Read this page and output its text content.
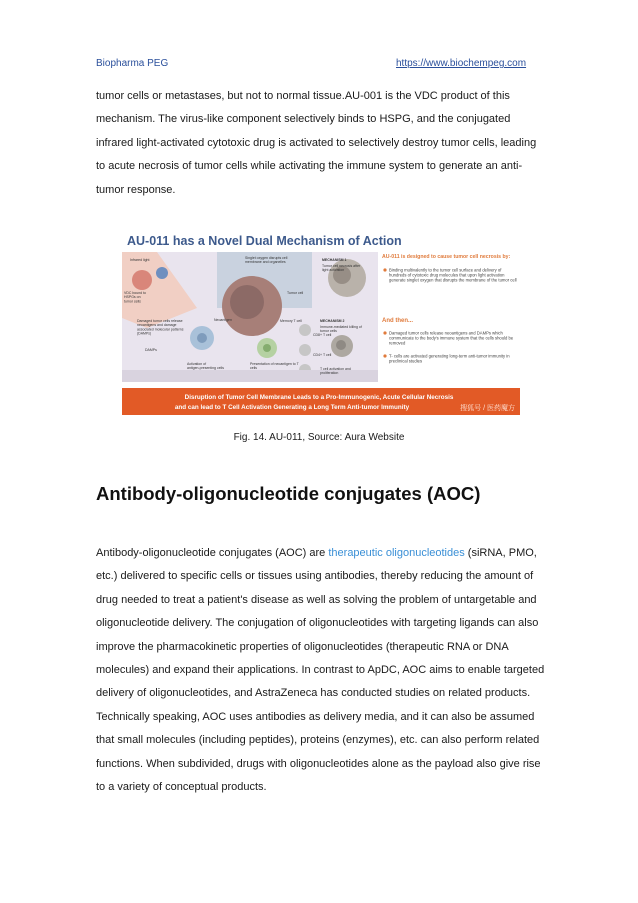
Biopharma PEG	https://www.biochempeg.com

tumor cells or metastases, but not to normal tissue.AU-001 is the VDC product of this mechanism. The virus-like component selectively binds to HSPG, and the conjugated infrared light-activated cytotoxic drug is activated to selectively destroy tumor cells, leading to acute necrosis of tumor cells while activating the immune system to generate an anti-tumor response.

AU-011 has a Novel Dual Mechanism of Action
Infrared light
VDC bound to HSPGs on tumor cells
Damaged tumor cells release neoantigens and damage associated molecular patterns (DAMPs)
Neoantigen
DAMPs
Singlet oxygen disrupts cell membrane and organelles
Tumor cell
MECHANISM 1
Tumor cell necrosis after light activation
MECHANISM 2
Immune-mediated killing of tumor cells
Memory T cell
CD8+ T cell
CD4+ T cell
Activation of antigen-presenting cells
Presentation of neoantigen to T cells	T cell activation and proliferation
AU-011 is designed to cause tumor cell necrosis by:
Binding multivalently to the tumor cell surface and delivery of hundreds of cytotoxic drug molecules that upon light activation generate singlet oxygen that disrupts the membrane of the tumor cell
And then...
Damaged tumor cells release neoantigens and DAMPs which communicate to the body's immune system that the cells should be removed
T- cells are activated generating long-term anti-tumor immunity in preclinical studies
Disruption of Tumor Cell Membrane Leads to a Pro-Immunogenic, Acute Cellular Necrosis
and can lead to T Cell Activation Generating a Long Term Anti-tumor Immunity	搜狐号 / 医药魔方
Fig. 14. AU-011, Source: Aura Website
Antibody-oligonucleotide conjugates (AOC)

Antibody-oligonucleotide conjugates (AOC) are therapeutic oligonucleotides (siRNA, PMO, etc.) delivered to specific cells or tissues using antibodies, thereby reducing the amount of drug needed to treat a patient's disease as well as solving the problem of untargetable and oligonucleotide delivery. The conjugation of oligonucleotides with targeting ligands can also improve the pharmacokinetic properties of oligonucleotides (therapeutic RNA or DNA molecules) and expand their applications. In contrast to ApDC, AOC aims to enable targeted delivery of oligonucleotides, and AstraZeneca has conducted studies on related products. Technically speaking, AOC uses antibodies as delivery media, and it can also be assumed that small molecules (including peptides), proteins (enzymes), etc. can also perform related functions. When subdivided, drugs with oligonucleotides alone as the payload also give rise to a variety of conceptual products.
